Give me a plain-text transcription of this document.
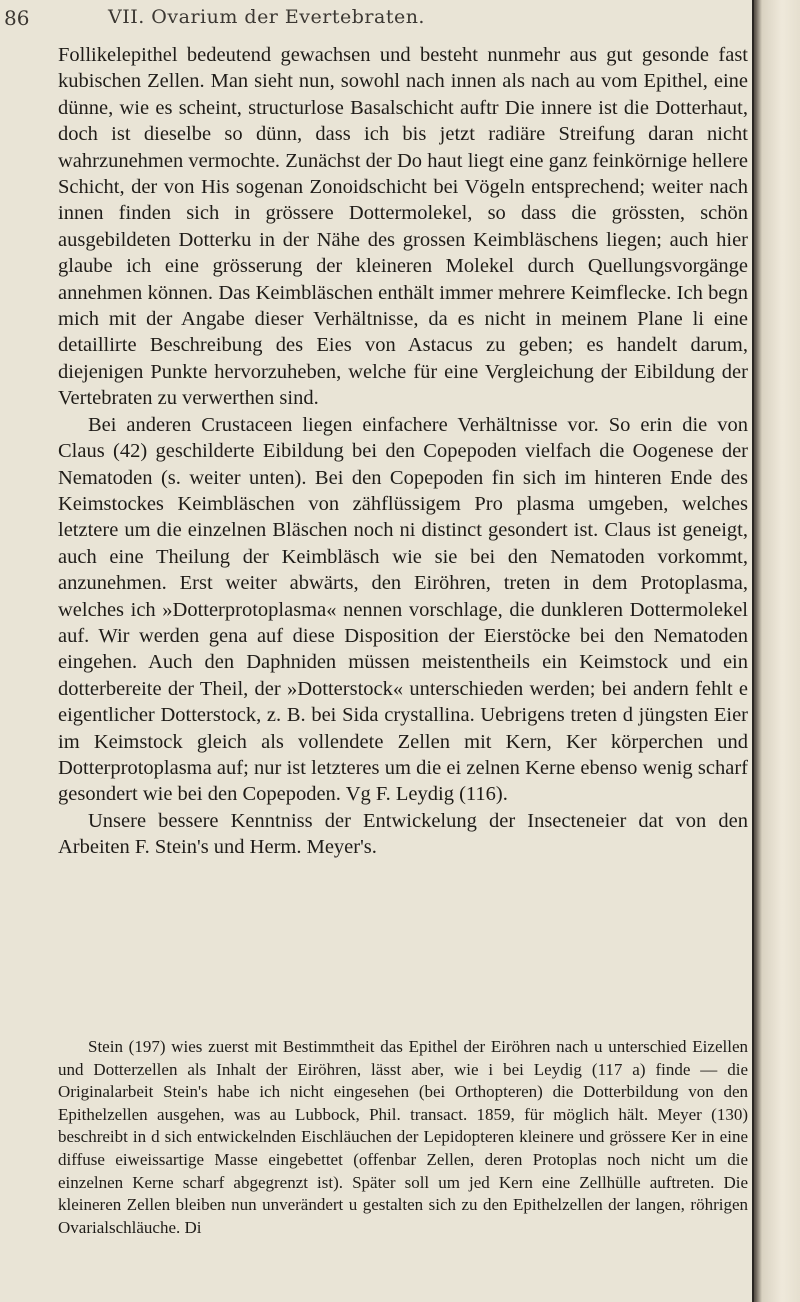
86	VII. Ovarium der Evertebraten.

Follikelepithel bedeutend gewachsen und besteht nunmehr aus gut gesonde fast kubischen Zellen. Man sieht nun, sowohl nach innen als nach au vom Epithel, eine dünne, wie es scheint, structurlose Basalschicht auftr Die innere ist die Dotterhaut, doch ist dieselbe so dünn, dass ich bis jetzt radiäre Streifung daran nicht wahrzunehmen vermochte. Zunächst der Do haut liegt eine ganz feinkörnige hellere Schicht, der von His sogenan Zonoidschicht bei Vögeln entsprechend; weiter nach innen finden sich in grössere Dottermolekel, so dass die grössten, schön ausgebildeten Dotterku in der Nähe des grossen Keimbläschens liegen; auch hier glaube ich eine grösserung der kleineren Molekel durch Quellungsvorgänge annehmen können. Das Keimbläschen enthält immer mehrere Keimflecke. Ich begn mich mit der Angabe dieser Verhältnisse, da es nicht in meinem Plane li eine detaillirte Beschreibung des Eies von Astacus zu geben; es handelt darum, diejenigen Punkte hervorzuheben, welche für eine Vergleichung der Eibildung der Vertebraten zu verwerthen sind.

Bei anderen Crustaceen liegen einfachere Verhältnisse vor. So erin die von Claus (42) geschilderte Eibildung bei den Copepoden vielfach die Oogenese der Nematoden (s. weiter unten). Bei den Copepoden fin sich im hinteren Ende des Keimstockes Keimbläschen von zähflüssigem Pro plasma umgeben, welches letztere um die einzelnen Bläschen noch ni distinct gesondert ist. Claus ist geneigt, auch eine Theilung der Keimbläsch wie sie bei den Nematoden vorkommt, anzunehmen. Erst weiter abwärts, den Eiröhren, treten in dem Protoplasma, welches ich »Dotterprotoplasma« nennen vorschlage, die dunkleren Dottermolekel auf. Wir werden gena auf diese Disposition der Eierstöcke bei den Nematoden eingehen. Auch den Daphniden müssen meistentheils ein Keimstock und ein dotterbereite der Theil, der »Dotterstock« unterschieden werden; bei andern fehlt e eigentlicher Dotterstock, z. B. bei Sida crystallina. Uebrigens treten d jüngsten Eier im Keimstock gleich als vollendete Zellen mit Kern, Ker körperchen und Dotterprotoplasma auf; nur ist letzteres um die ei zelnen Kerne ebenso wenig scharf gesondert wie bei den Copepoden. Vg F. Leydig (116).

Unsere bessere Kenntniss der Entwickelung der Insecteneier dat von den Arbeiten F. Stein's und Herm. Meyer's.

Stein (197) wies zuerst mit Bestimmtheit das Epithel der Eiröhren nach u unterschied Eizellen und Dotterzellen als Inhalt der Eiröhren, lässt aber, wie i bei Leydig (117 a) finde — die Originalarbeit Stein's habe ich nicht eingesehen (bei Orthopteren) die Dotterbildung von den Epithelzellen ausgehen, was au Lubbock, Phil. transact. 1859, für möglich hält. Meyer (130) beschreibt in d sich entwickelnden Eischläuchen der Lepidopteren kleinere und grössere Ker in eine diffuse eiweissartige Masse eingebettet (offenbar Zellen, deren Protoplas noch nicht um die einzelnen Kerne scharf abgegrenzt ist). Später soll um jed Kern eine Zellhülle auftreten. Die kleineren Zellen bleiben nun unverändert u gestalten sich zu den Epithelzellen der langen, röhrigen Ovarialschläuche. Di
